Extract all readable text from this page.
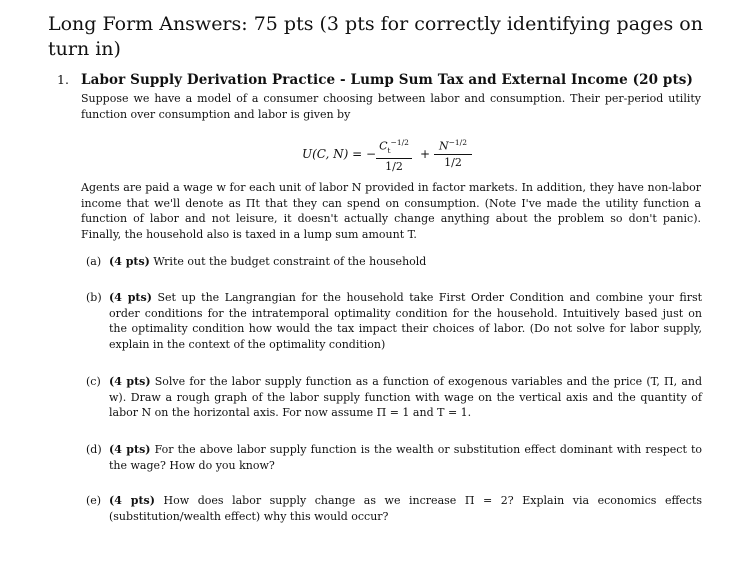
Long Form Answers: 75 pts (3 pts for correctly identifying pages on turn in)
1. Labor Supply Derivation Practice - Lump Sum Tax and External Income (20 pts)

Suppose we have a model of a consumer choosing between labor and consumption. Their per-period utility function over consumption and labor is given by

U(C, N) = −
$C_t^{-1/2}$
1/2
+
$N^{-1/2}$
1/2

Agents are paid a wage w for each unit of labor N provided in factor markets. In addition, they have non-labor income that we'll denote as Πt that they can spend on consumption. (Note I've made the utility function a function of labor and not leisure, it doesn't actually change anything about the problem so don't panic). Finally, the household also is taxed in a lump sum amount T.

(a) (4 pts) Write out the budget constraint of the household
(b) (4 pts) Set up the Langrangian for the household take First Order Condition and combine your first order conditions for the intratemporal optimality condition for the household. Intuitively based just on the optimality condition how would the tax impact their choices of labor. (Do not solve for labor supply, explain in the context of the optimality condition)
(c) (4 pts) Solve for the labor supply function as a function of exogenous variables and the price (T, Π, and w). Draw a rough graph of the labor supply function with wage on the vertical axis and the quantity of labor N on the horizontal axis. For now assume Π = 1 and T = 1.
(d) (4 pts) For the above labor supply function is the wealth or substitution effect dominant with respect to the wage? How do you know?
(e) (4 pts) How does labor supply change as we increase Π = 2? Explain via economics effects (substitution/wealth effect) why this would occur?
